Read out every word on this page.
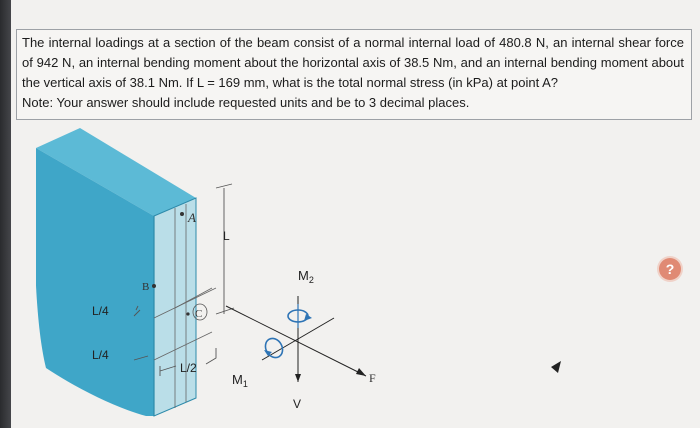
The internal loadings at a section of the beam consist of a normal internal load of 480.8 N, an internal shear force of 942 N, an internal bending moment about the horizontal axis of 38.5 Nm, and an internal bending moment about the vertical axis of 38.1 Nm. If L = 169 mm, what is the total normal stress (in kPa) at point A?

Note: Your answer should include requested units and be to 3 decimal places.

L
A
B
C
L/4
L/4
L/2
$M_2$
$M_1$
V
F
?
